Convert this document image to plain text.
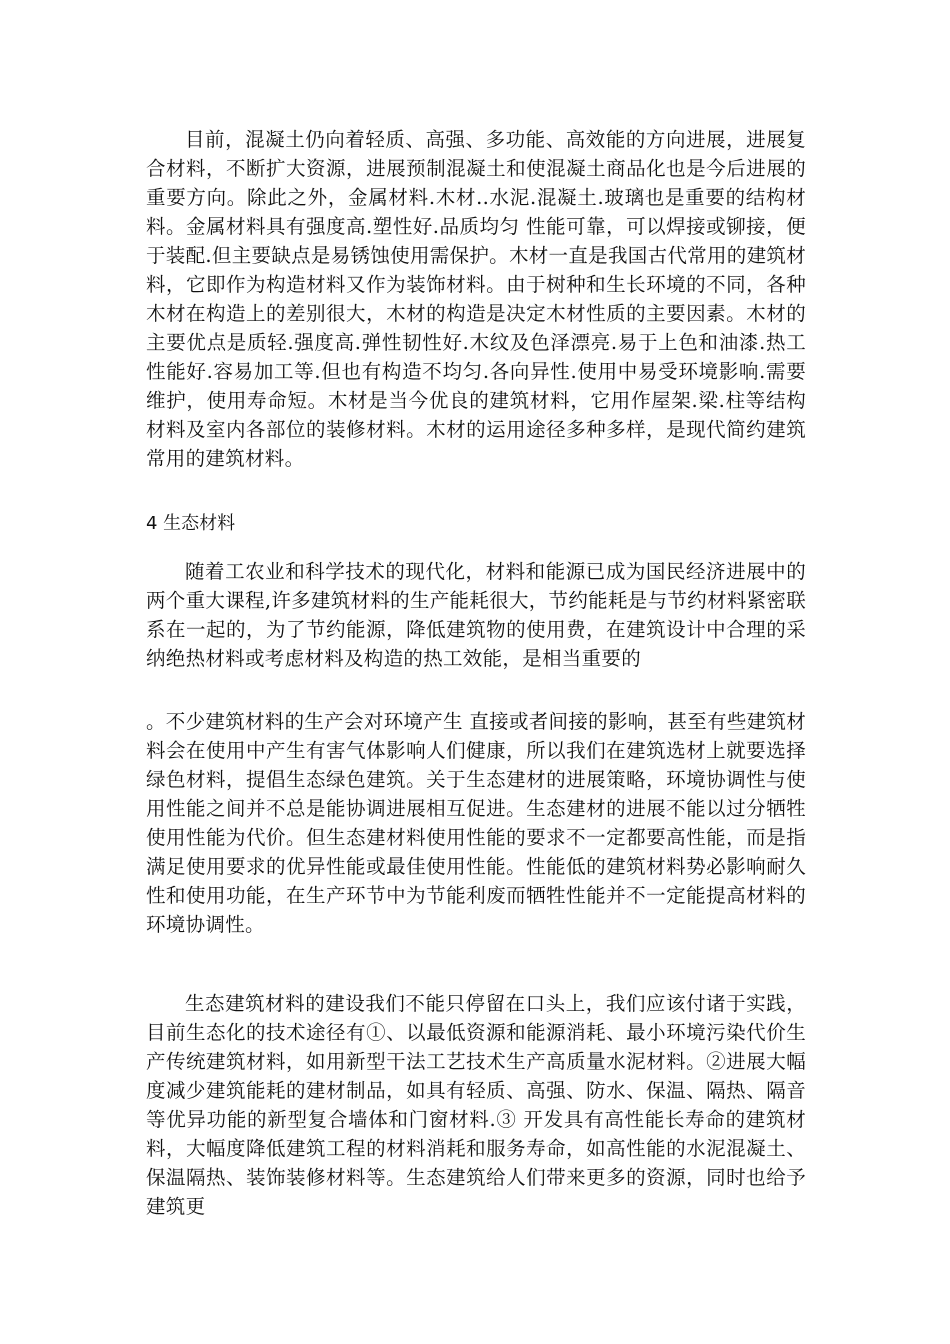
目前，混凝土仍向着轻质、高强、多功能、高效能的方向进展，进展复合材料，不断扩大资源，进展预制混凝土和使混凝土商品化也是今后进展的重要方向。除此之外，金属材料.木材..水泥.混凝土.玻璃也是重要的结构材料。金属材料具有强度高.塑性好.品质均匀 性能可靠，可以焊接或铆接，便于装配.但主要缺点是易锈蚀使用需保护。木材一直是我国古代常用的建筑材料，它即作为构造材料又作为装饰材料。由于树种和生长环境的不同，各种木材在构造上的差别很大，木材的构造是决定木材性质的主要因素。木材的主要优点是质轻.强度高.弹性韧性好.木纹及色泽漂亮.易于上色和油漆.热工性能好.容易加工等.但也有构造不均匀.各向异性.使用中易受环境影响.需要维护，使用寿命短。木材是当今优良的建筑材料，它用作屋架.梁.柱等结构材料及室内各部位的装修材料。木材的运用途径多种多样，是现代简约建筑常用的建筑材料。

4 生态材料

随着工农业和科学技术的现代化，材料和能源已成为国民经济进展中的两个重大课程,许多建筑材料的生产能耗很大，节约能耗是与节约材料紧密联系在一起的，为了节约能源，降低建筑物的使用费，在建筑设计中合理的采纳绝热材料或考虑材料及构造的热工效能，是相当重要的

。不少建筑材料的生产会对环境产生 直接或者间接的影响，甚至有些建筑材料会在使用中产生有害气体影响人们健康，所以我们在建筑选材上就要选择绿色材料，提倡生态绿色建筑。关于生态建材的进展策略，环境协调性与使用性能之间并不总是能协调进展相互促进。生态建材的进展不能以过分牺牲使用性能为代价。但生态建材料使用性能的要求不一定都要高性能，而是指满足使用要求的优异性能或最佳使用性能。性能低的建筑材料势必影响耐久性和使用功能，在生产环节中为节能利废而牺牲性能并不一定能提高材料的环境协调性。

生态建筑材料的建设我们不能只停留在口头上，我们应该付诸于实践， 目前生态化的技术途径有①、以最低资源和能源消耗、最小环境污染代价生产传统建筑材料，如用新型干法工艺技术生产高质量水泥材料。②进展大幅度减少建筑能耗的建材制品，如具有轻质、高强、防水、保温、隔热、隔音等优异功能的新型复合墙体和门窗材料.③ 开发具有高性能长寿命的建筑材料，大幅度降低建筑工程的材料消耗和服务寿命，如高性能的水泥混凝土、保温隔热、装饰装修材料等。生态建筑给人们带来更多的资源，同时也给予建筑更
